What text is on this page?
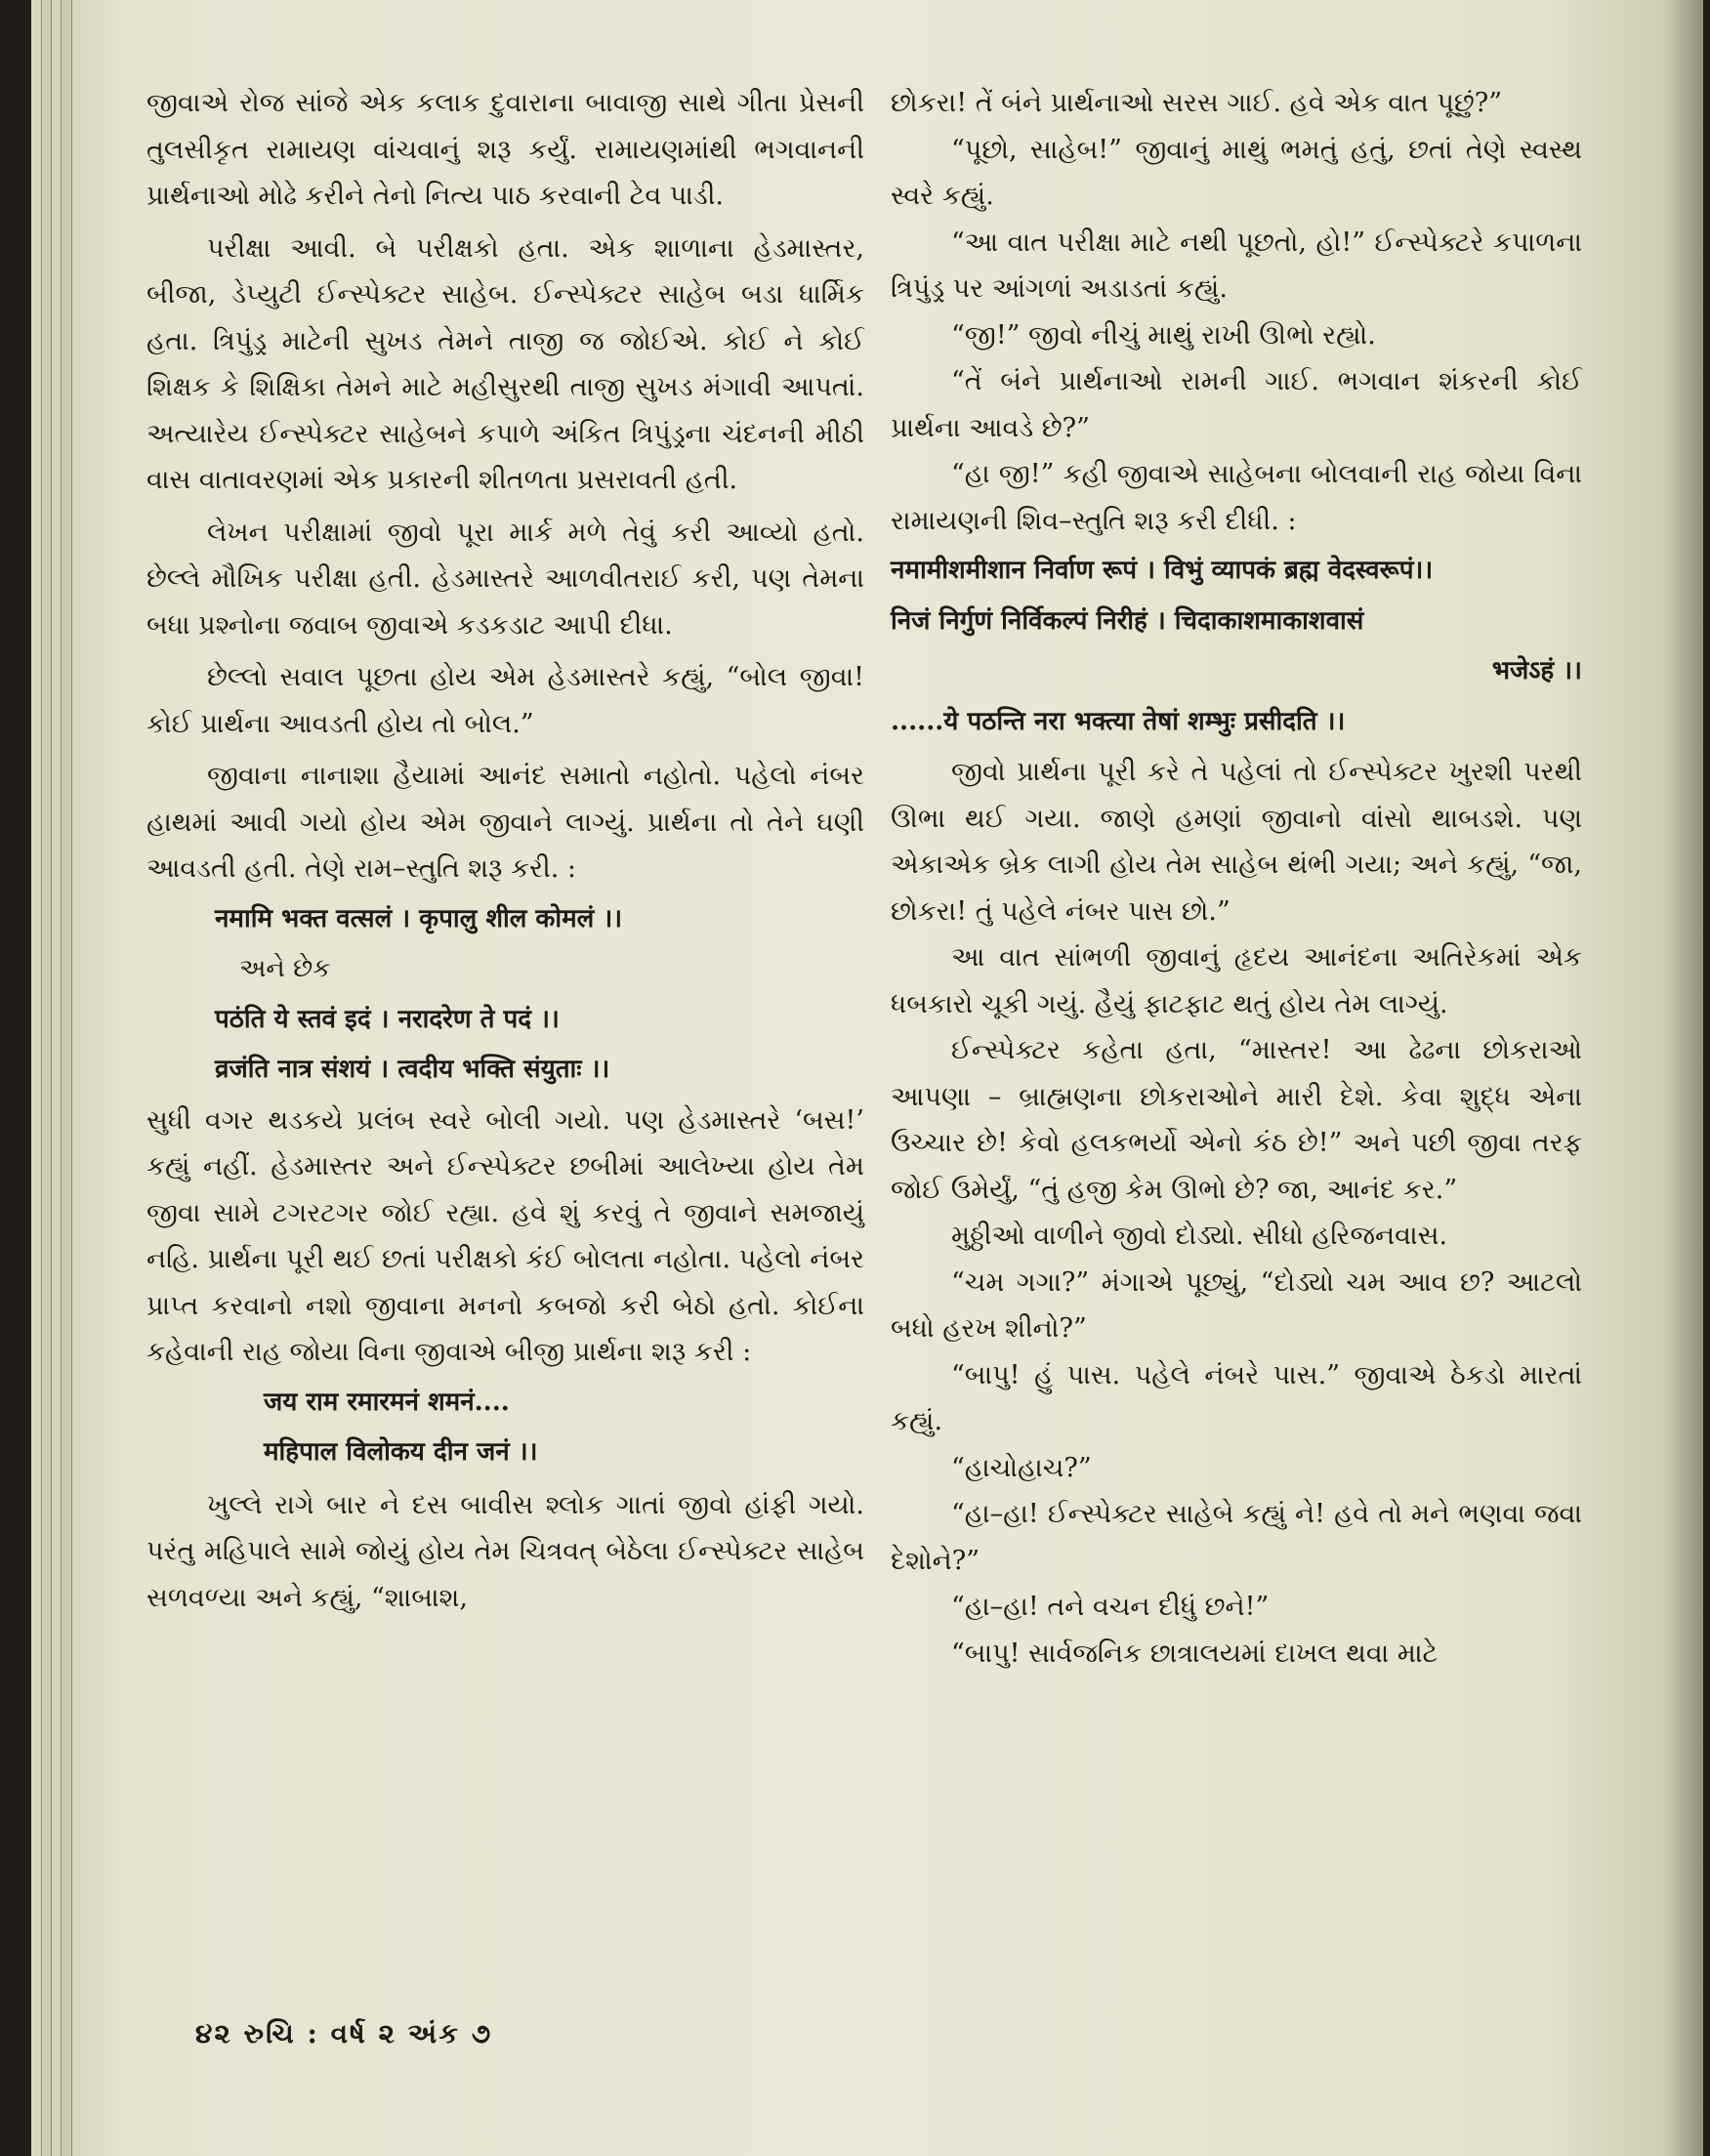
જીવાએ રોજ સાંજે એક કલાક દુવારાના બાવાજી સાથે ગીતા પ્રેસની તુલસીકૃત રામાયણ વાંચવાનું શરૂ કર્યું. રામાયણમાંથી ભગવાનની પ્રાર્થનાઓ મોઢે કરીને તેનો નિત્ય પાઠ કરવાની ટેવ પાડી.

પરીક્ષા આવી. બે પરીક્ષકો હતા. એક શાળાના હેડમાસ્તર, બીજા, ડેપ્યુટી ઈન્સ્પેક્ટર સાહેબ. ઈન્સ્પેક્ટર સાહેબ બડા ધાર્મિક હતા. ત્રિપુંડ્ર માટેની સુખડ તેમને તાજી જ જોઈએ. કોઈ ને કોઈ શિક્ષક કે શિક્ષિકા તેમને માટે મહીસુરથી તાજી સુખડ મંગાવી આપતાં. અત્યારેય ઈન્સ્પેક્ટર સાહેબને કપાળે અંકિત ત્રિપુંડ્રના ચંદનની મીઠી વાસ વાતાવરણમાં એક પ્રકારની શીતળતા પ્રસરાવતી હતી.

લેખન પરીક્ષામાં જીવો પૂરા માર્ક મળે તેવું કરી આવ્યો હતો. છેલ્લે મૌખિક પરીક્ષા હતી. હેડમાસ્તરે આળવીતરાઈ કરી, પણ તેમના બધા પ્રશ્નોના જવાબ જીવાએ કડકડાટ આપી દીધા.

છેલ્લો સવાલ પૂછતા હોય એમ હેડમાસ્તરે કહ્યું, “બોલ જીવા! કોઈ પ્રાર્થના આવડતી હોય તો બોલ.”

જીવાના નાનાશા હૈયામાં આનંદ સમાતો નહોતો. પહેલો નંબર હાથમાં આવી ગયો હોય એમ જીવાને લાગ્યું. પ્રાર્થના તો તેને ઘણી આવડતી હતી. તેણે રામ–સ્તુતિ શરૂ કરી. :

नमामि भक्त वत्सलं । कृपालु शील कोमलं ।।
અને છેક
पठंति ये स्तवं इदं । नरादरेण ते पदं ।।
व्रजंति नात्र संशयं । त्वदीय भक्ति संयुताः ।।

સુધી વગર થડકયે પ્રલંબ સ્વરે બોલી ગયો. પણ હેડમાસ્તરે ‘બસ!’ કહ્યું નહીં. હેડમાસ્તર અને ઈન્સ્પેક્ટર છબીમાં આલેખ્યા હોય તેમ જીવા સામે ટગરટગર જોઈ રહ્યા. હવે શું કરવું તે જીવાને સમજાયું નહિ. પ્રાર્થના પૂરી થઈ છતાં પરીક્ષકો કંઈ બોલતા નહોતા. પહેલો નંબર પ્રાપ્ત કરવાનો નશો જીવાના મનનો કબજો કરી બેઠો હતો. કોઈના કહેવાની રાહ જોયા વિના જીવાએ બીજી પ્રાર્થના શરૂ કરી :

जय राम रमारमनं शमनं....
महिपाल विलोकय दीन जनं ।।

ખુલ્લે રાગે બાર ને દસ બાવીસ શ્લોક ગાતાં જીવો હાંફી ગયો. પરંતુ મહિપાલે સામે જોયું હોય તેમ ચિત્રવત્ બેઠેલા ઈન્સ્પેક્ટર સાહેબ સળવળ્યા અને કહ્યું, “શાબાશ,

છોકરા! તેં બંને પ્રાર્થનાઓ સરસ ગાઈ. હવે એક વાત પૂછું?”

“પૂછો, સાહેબ!” જીવાનું માથું ભમતું હતું, છતાં તેણે સ્વસ્થ સ્વરે કહ્યું.

“આ વાત પરીક્ષા માટે નથી પૂછતો, હો!” ઈન્સ્પેક્ટરે કપાળના ત્રિપુંડ્ર પર આંગળાં અડાડતાં કહ્યું.

“જી!” જીવો નીચું માથું રાખી ઊભો રહ્યો.

“તેં બંને પ્રાર્થનાઓ રામની ગાઈ. ભગવાન શંકરની કોઈ પ્રાર્થના આવડે છે?”

“હા જી!” કહી જીવાએ સાહેબના બોલવાની રાહ જોયા વિના રામાયણની શિવ–સ્તુતિ શરૂ કરી દીધી. :

नमामीशमीशान निर्वाण रूपं । विभुं व्यापकं ब्रह्म वेदस्वरूपं।।
निजं निर्गुणं निर्विकल्पं निरीहं । चिदाकाशमाकाशवासं
भजेऽहं ।।
......ये पठन्ति नरा भक्त्या तेषां शम्भुः प्रसीदति ।।

જીવો પ્રાર્થના પૂરી કરે તે પહેલાં તો ઈન્સ્પેક્ટર ખુરશી પરથી ઊભા થઈ ગયા. જાણે હમણાં જીવાનો વાંસો થાબડશે. પણ એકાએક બ્રેક લાગી હોય તેમ સાહેબ થંભી ગયા; અને કહ્યું, “જા, છોકરા! તું પહેલે નંબર પાસ છો.”

આ વાત સાંભળી જીવાનું હૃદય આનંદના અતિરેકમાં એક ધબકારો ચૂકી ગયું. હૈયું ફાટફાટ થતું હોય તેમ લાગ્યું.

ઈન્સ્પેક્ટર કહેતા હતા, “માસ્તર! આ ઢેઢના છોકરાઓ આપણા – બ્રાહ્મણના છોકરાઓને મારી દેશે. કેવા શુદ્ધ એના ઉચ્ચાર છે! કેવો હલકભર્યો એનો કંઠ છે!” અને પછી જીવા તરફ જોઈ ઉમેર્યું, “તું હજી કેમ ઊભો છે? જા, આનંદ કર.”

મુઠ્ઠીઓ વાળીને જીવો દોડ્યો. સીધો હરિજનવાસ.

“ચમ ગગા?” મંગાએ પૂછ્યું, “દોડ્યો ચમ આવ છ? આટલો બધો હરખ શીનો?”

“બાપુ! હું પાસ. પહેલે નંબરે પાસ.” જીવાએ ઠેકડો મારતાં કહ્યું.

“હાચોહાચ?”

“હા–હા! ઈન્સ્પેક્ટર સાહેબે કહ્યું ને! હવે તો મને ભણવા જવા દેશોને?”

“હા–હા! તને વચન દીધું છને!”

“બાપુ! સાર્વજનિક છાત્રાલયમાં દાખલ થવા માટે

૪૨ રુચિ : વર્ષ ૨ અંક ૭
